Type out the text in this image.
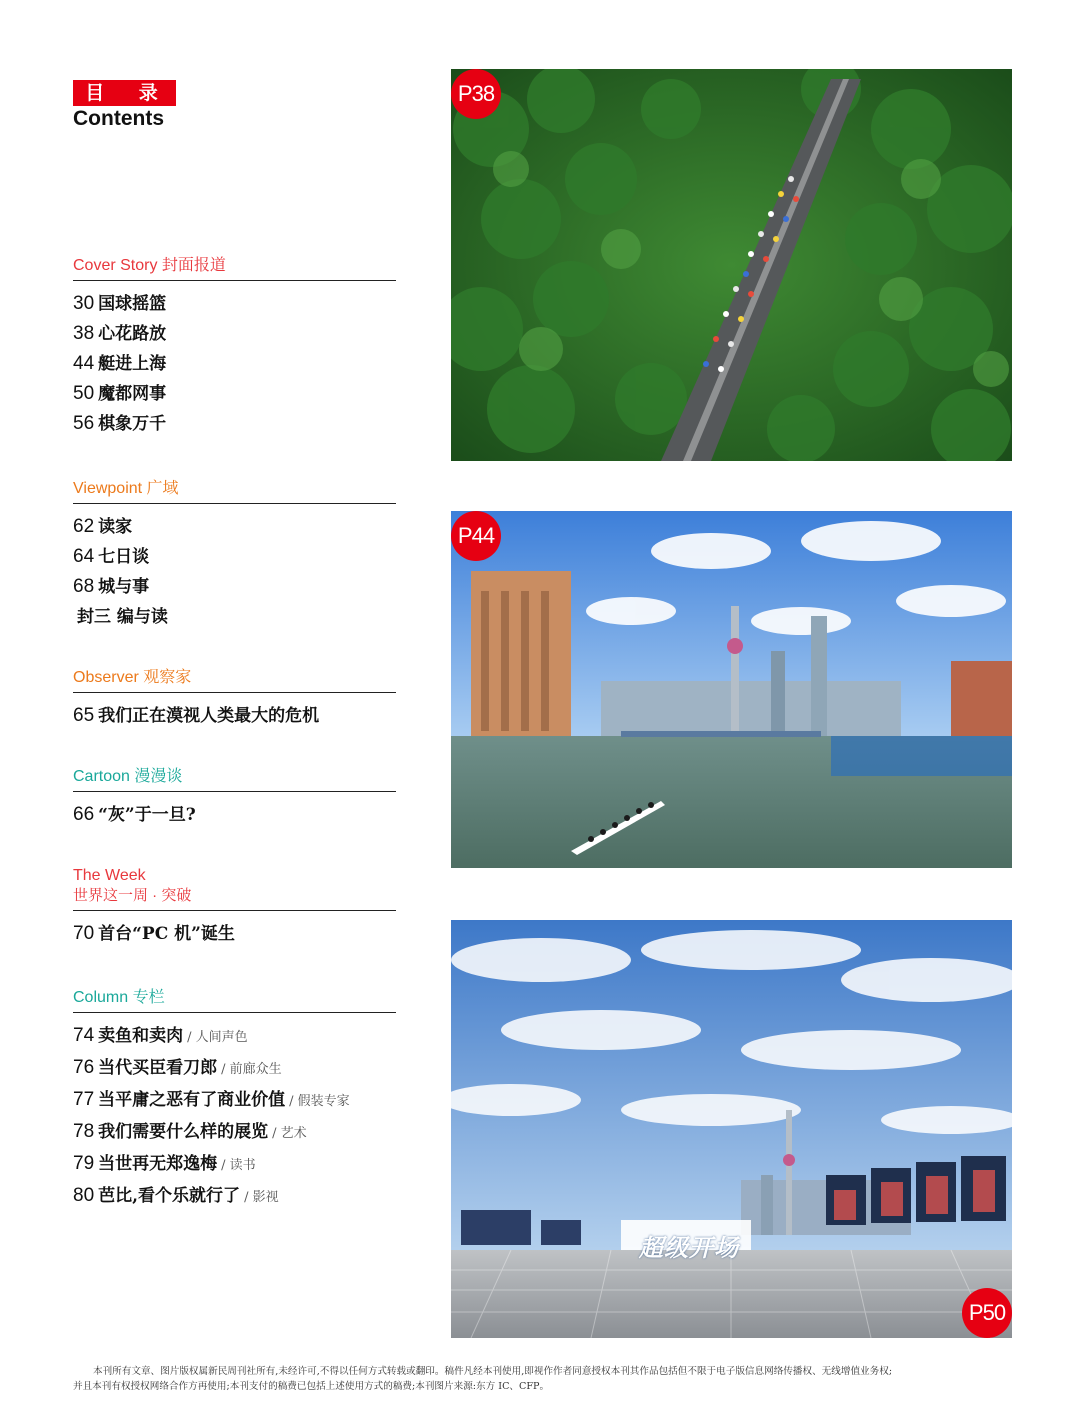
目 录
Contents
Cover Story 封面报道
30 国球摇篮
38 心花路放
44 艇进上海
50 魔都网事
56 棋象万千
Viewpoint 广域
62 读家
64 七日谈
68 城与事
封三 编与读
Observer 观察家
65 我们正在漠视人类最大的危机
Cartoon 漫漫谈
66 “灰”于一旦?
The Week
世界这一周 · 突破
70 首台“PC 机”诞生
Column 专栏
74 卖鱼和卖肉 / 人间声色
76 当代买臣看刀郎 / 前廊众生
77 当平庸之恶有了商业价值 / 假装专家
78 我们需要什么样的展览 / 艺术
79 当世再无郑逸梅 / 读书
80 芭比,看个乐就行了 / 影视
P38
P44
超级开场
P50

本刊所有文章、图片版权属新民周刊社所有,未经许可,不得以任何方式转载或翻印。稿件凡经本刊使用,即视作作者同意授权本刊其作品包括但不限于电子版信息网络传播权、无线增值业务权;

并且本刊有权授权网络合作方再使用;本刊支付的稿费已包括上述使用方式的稿费;本刊图片来源:东方 IC、CFP。
